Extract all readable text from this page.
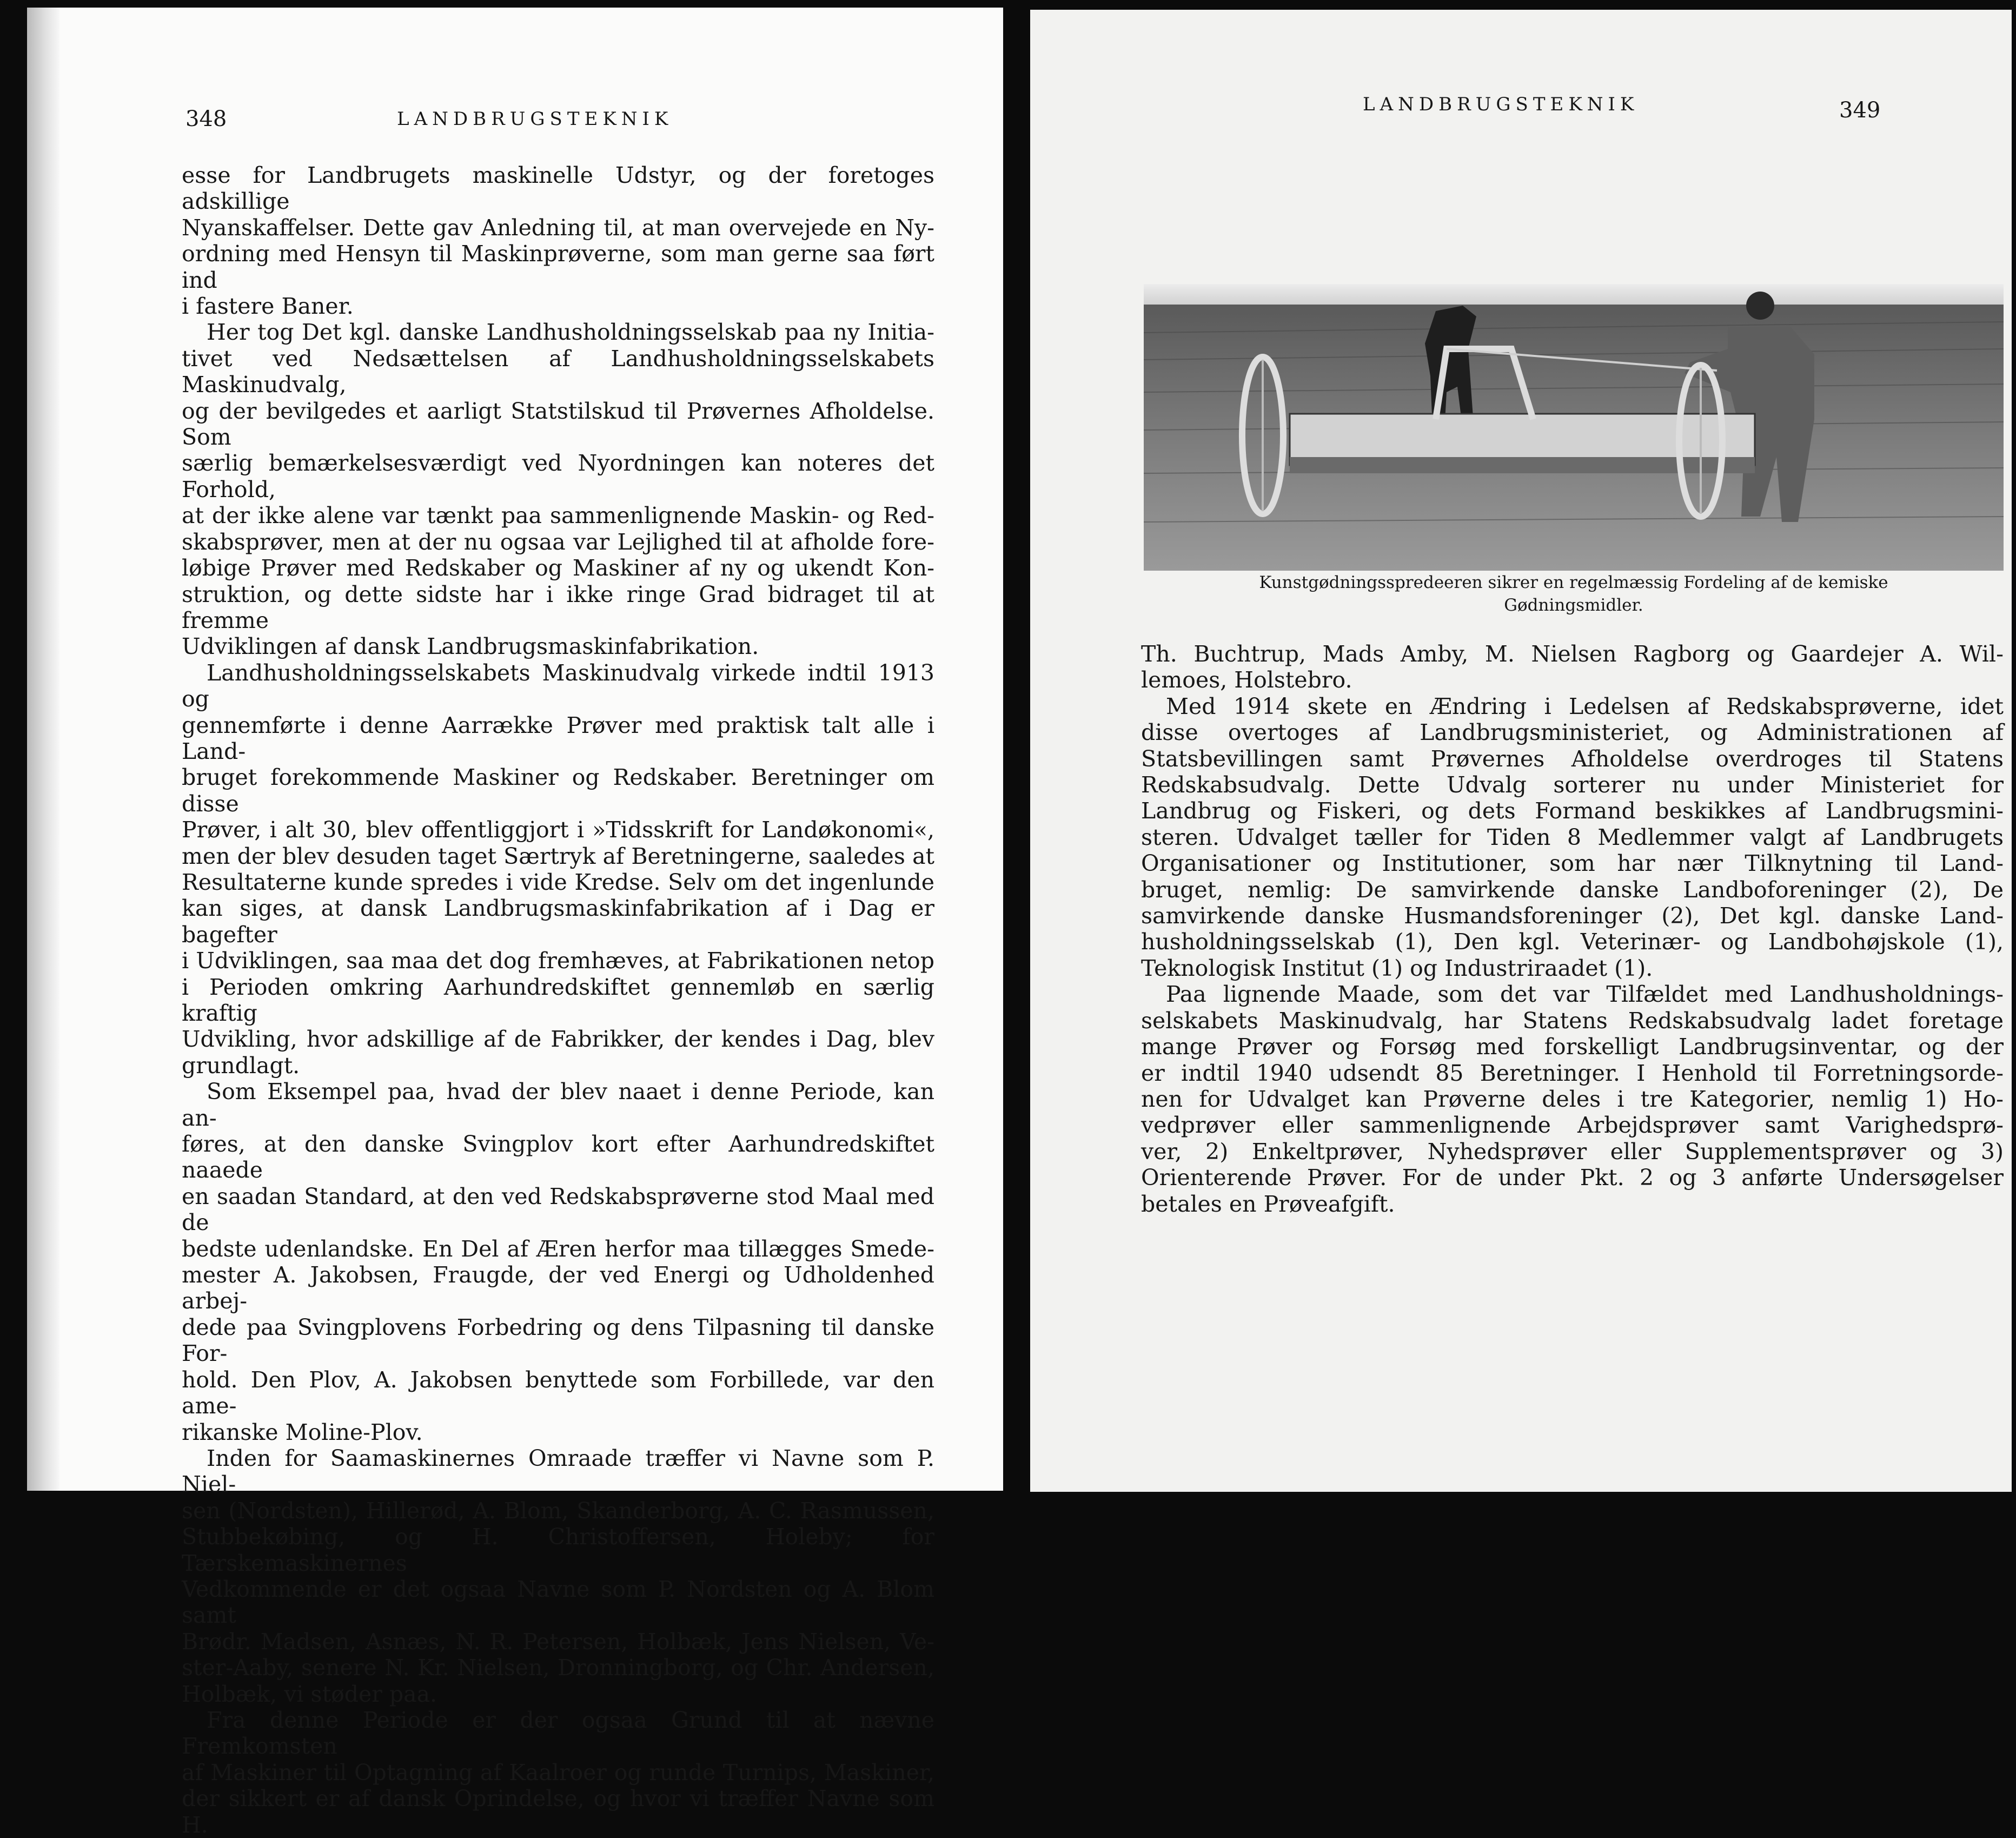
348	LANDBRUGSTEKNIK

esse for Landbrugets maskinelle Udstyr, og der foretoges adskillige
Nyanskaffelser. Dette gav Anledning til, at man overvejede en Ny-
ordning med Hensyn til Maskinprøverne, som man gerne saa ført ind
i fastere Baner.

Her tog Det kgl. danske Landhusholdningsselskab paa ny Initia-
tivet ved Nedsættelsen af Landhusholdningsselskabets Maskinudvalg,
og der bevilgedes et aarligt Statstilskud til Prøvernes Afholdelse. Som
særlig bemærkelsesværdigt ved Nyordningen kan noteres det Forhold,
at der ikke alene var tænkt paa sammenlignende Maskin- og Red-
skabsprøver, men at der nu ogsaa var Lejlighed til at afholde fore-
løbige Prøver med Redskaber og Maskiner af ny og ukendt Kon-
struktion, og dette sidste har i ikke ringe Grad bidraget til at fremme
Udviklingen af dansk Landbrugsmaskinfabrikation.

Landhusholdningsselskabets Maskinudvalg virkede indtil 1913 og
gennemførte i denne Aarrække Prøver med praktisk talt alle i Land-
bruget forekommende Maskiner og Redskaber. Beretninger om disse
Prøver, i alt 30, blev offentliggjort i »Tidsskrift for Landøkonomi«,
men der blev desuden taget Særtryk af Beretningerne, saaledes at
Resultaterne kunde spredes i vide Kredse. Selv om det ingenlunde
kan siges, at dansk Landbrugsmaskinfabrikation af i Dag er bagefter
i Udviklingen, saa maa det dog fremhæves, at Fabrikationen netop
i Perioden omkring Aarhundredskiftet gennemløb en særlig kraftig
Udvikling, hvor adskillige af de Fabrikker, der kendes i Dag, blev
grundlagt.

Som Eksempel paa, hvad der blev naaet i denne Periode, kan an-
føres, at den danske Svingplov kort efter Aarhundredskiftet naaede
en saadan Standard, at den ved Redskabsprøverne stod Maal med de
bedste udenlandske. En Del af Æren herfor maa tillægges Smede-
mester A. Jakobsen, Fraugde, der ved Energi og Udholdenhed arbej-
dede paa Svingplovens Forbedring og dens Tilpasning til danske For-
hold. Den Plov, A. Jakobsen benyttede som Forbillede, var den ame-
rikanske Moline-Plov.

Inden for Saamaskinernes Omraade træffer vi Navne som P. Niel-
sen (Nordsten), Hillerød, A. Blom, Skanderborg, A. C. Rasmussen,
Stubbekøbing, og H. Christoffersen, Holeby; for Tærskemaskinernes
Vedkommende er det ogsaa Navne som P. Nordsten og A. Blom samt
Brødr. Madsen, Asnæs, N. R. Petersen, Holbæk, Jens Nielsen, Ve-
ster-Aaby, senere N. Kr. Nielsen, Dronningborg, og Chr. Andersen,
Holbæk, vi støder paa.

Fra denne Periode er der ogsaa Grund til at nævne Fremkomsten
af Maskiner til Optagning af Kaalroer og runde Turnips, Maskiner,
der sikkert er af dansk Oprindelse, og hvor vi træffer Navne som H.

LANDBRUGSTEKNIK	349
Kunstgødningsspredeeren sikrer en regelmæssig Fordeling af de kemiske
Gødningsmidler.

Th. Buchtrup, Mads Amby, M. Nielsen Ragborg og Gaardejer A. Wil-
lemoes, Holstebro.

Med 1914 skete en Ændring i Ledelsen af Redskabsprøverne, idet
disse overtoges af Landbrugsministeriet, og Administrationen af
Statsbevillingen samt Prøvernes Afholdelse overdroges til Statens
Redskabsudvalg. Dette Udvalg sorterer nu under Ministeriet for
Landbrug og Fiskeri, og dets Formand beskikkes af Landbrugsmini-
steren. Udvalget tæller for Tiden 8 Medlemmer valgt af Landbrugets
Organisationer og Institutioner, som har nær Tilknytning til Land-
bruget, nemlig: De samvirkende danske Landboforeninger (2), De
samvirkende danske Husmandsforeninger (2), Det kgl. danske Land-
husholdningsselskab (1), Den kgl. Veterinær- og Landbohøjskole (1),
Teknologisk Institut (1) og Industriraadet (1).

Paa lignende Maade, som det var Tilfældet med Landhusholdnings-
selskabets Maskinudvalg, har Statens Redskabsudvalg ladet foretage
mange Prøver og Forsøg med forskelligt Landbrugsinventar, og der
er indtil 1940 udsendt 85 Beretninger. I Henhold til Forretningsorde-
nen for Udvalget kan Prøverne deles i tre Kategorier, nemlig 1) Ho-
vedprøver eller sammenlignende Arbejdsprøver samt Varighedsprø-
ver, 2) Enkeltprøver, Nyhedsprøver eller Supplementsprøver og 3)
Orienterende Prøver. For de under Pkt. 2 og 3 anførte Undersøgelser
betales en Prøveafgift.
